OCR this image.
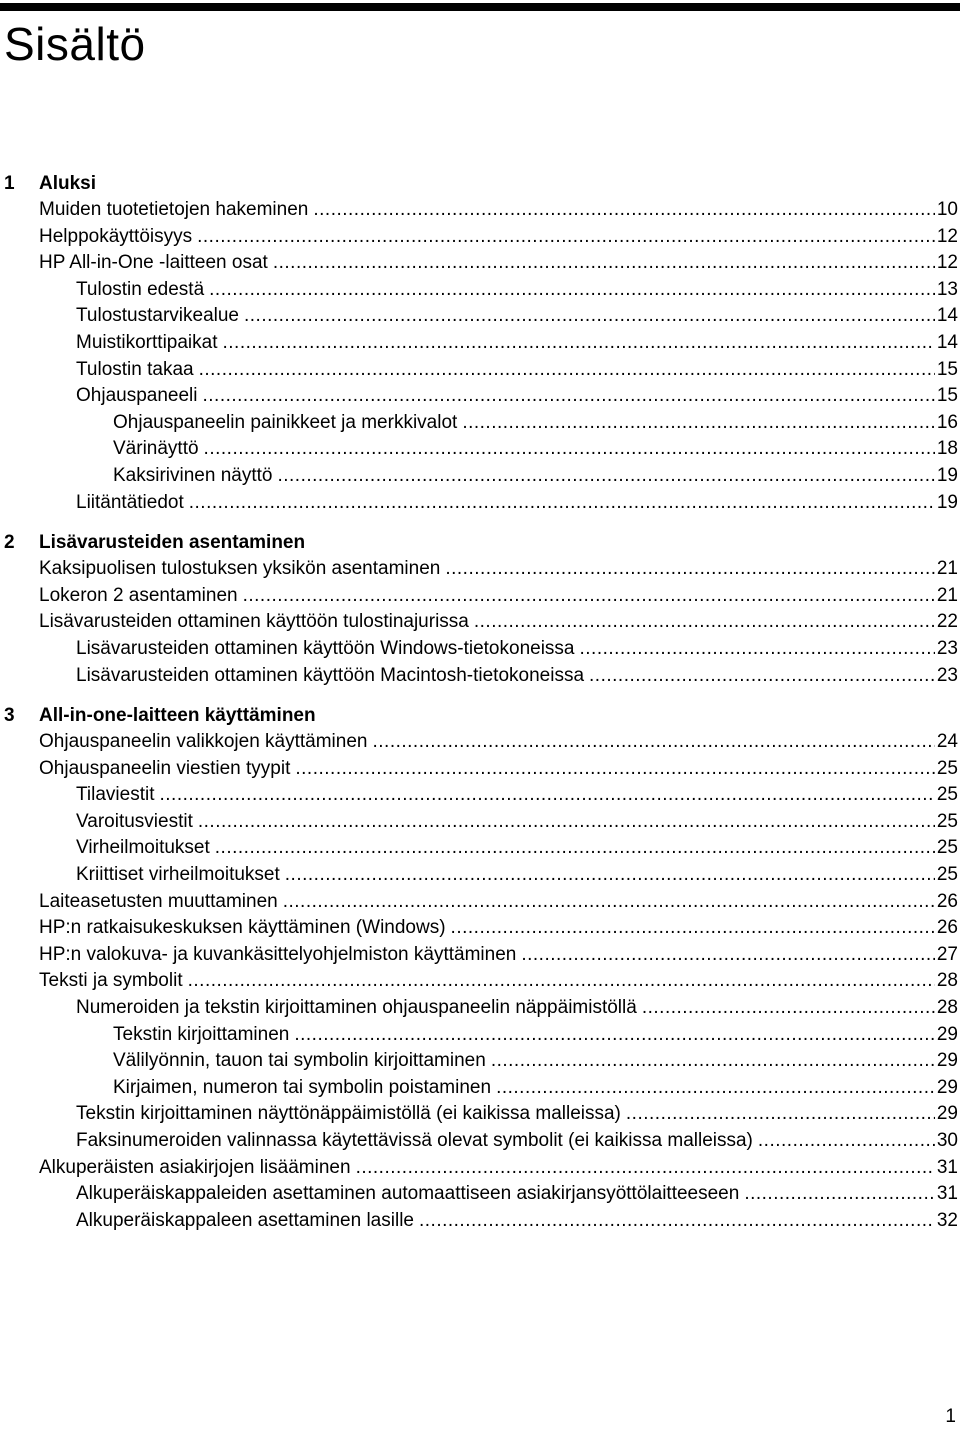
Sisältö
1 Aluksi
Muiden tuotetietojen hakeminen .....	10
Helppokäyttöisyys .....	12
HP All-in-One -laitteen osat .....	12
Tulostin edestä .....	13
Tulostustarvikealue .....	14
Muistikorttipaikat .....	14
Tulostin takaa .....	15
Ohjauspaneeli .....	15
Ohjauspaneelin painikkeet ja merkkivalot .....	16
Värinäyttö .....	18
Kaksirivinen näyttö .....	19
Liitäntätiedot .....	19
2 Lisävarusteiden asentaminen
Kaksipuolisen tulostuksen yksikön asentaminen .....	21
Lokeron 2 asentaminen .....	21
Lisävarusteiden ottaminen käyttöön tulostinajurissa .....	22
Lisävarusteiden ottaminen käyttöön Windows-tietokoneissa .....	23
Lisävarusteiden ottaminen käyttöön Macintosh-tietokoneissa .....	23
3 All-in-one-laitteen käyttäminen
Ohjauspaneelin valikkojen käyttäminen .....	24
Ohjauspaneelin viestien tyypit .....	25
Tilaviestit .....	25
Varoitusviestit .....	25
Virheilmoitukset .....	25
Kriittiset virheilmoitukset .....	25
Laiteasetusten muuttaminen .....	26
HP:n ratkaisukeskuksen käyttäminen (Windows) .....	26
HP:n valokuva- ja kuvankäsittelyohjelmiston käyttäminen .....	27
Teksti ja symbolit .....	28
Numeroiden ja tekstin kirjoittaminen ohjauspaneelin näppäimistöllä .....	28
Tekstin kirjoittaminen .....	29
Välilyönnin, tauon tai symbolin kirjoittaminen .....	29
Kirjaimen, numeron tai symbolin poistaminen .....	29
Tekstin kirjoittaminen näyttönäppäimistöllä (ei kaikissa malleissa) .....	29
Faksinumeroiden valinnassa käytettävissä olevat symbolit (ei kaikissa malleissa) .....	30
Alkuperäisten asiakirjojen lisääminen .....	31
Alkuperäiskappaleiden asettaminen automaattiseen asiakirjansyöttölaitteeseen .....	31
Alkuperäiskappaleen asettaminen lasille .....	32
1
